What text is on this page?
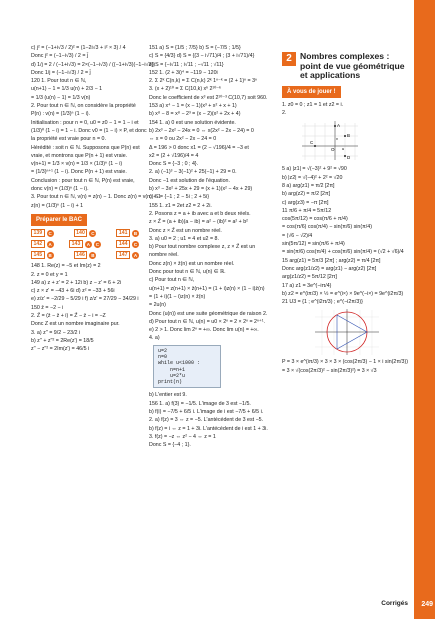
c) j² = (−1+i√3 / 2)² = (1−2i√3 + i² × 3) / 4
Donc j² = (−1−i√3) / 2 = j̄
d) 1/j = 2 / (−1+i√3) = 2×(−1−i√3) / ((−1+i√3)(−1−i√3))
Donc 1/j = (−1−i√3) / 2 = j̄
120 1. Pour tout n ∈ ℕ,
u(n+1) − 1 = 1/3 u(n) + 2/3 − 1
= 1/3 (u(n) − 1) = 1/3 v(n)
2. Pour tout n ∈ ℕ, on considère la propriété
P(n) : v(n) = (1/3)ⁿ (1 − i).
Initialisation : pour n = 0, u0 = z0 − 1 = 1 − i et
(1/3)⁰ (1 − i) = 1 − i. Donc v0 = (1 − i) × P, et donc
la propriété est vraie pour n = 0.
Hérédité : soit n ∈ ℕ. Supposons que P(n) est
vraie, et montrons que P(n + 1) est vraie.
v(n+1) = 1/3 × v(n) = 1/3 × (1/3)ⁿ (1 − i)
= (1/3)ⁿ⁺¹ (1 − i). Donc P(n + 1) est vraie.
Conclusion : pour tout n ∈ ℕ, P(n) est vraie,
donc v(n) = (1/3)ⁿ (1 − i).
3. Pour tout n ∈ ℕ, v(n) = z(n) − 1. Donc z(n) = v(n) + 1
z(n) = (1/3)ⁿ (1 − i) + 1
Préparer le BAC
139	C	140	C	141	B
142	A	143	A	C	144	C
145	B	146	B	147	A
148 1. Re(z) = −5 et Im(z) = 2
2. z = 0 et y = 1
149 a) z + z' = 2 + 12i b) z − z' = 6 + 2i
c) z × z' = −43 + 6i d) z² = −33 + 56i
e) z/z' = −2/29 − 5/29 i f) z/z' = 27/29 − 34/29 i
150 z̄ = −2 − i
2. Z̄ = (z̄ − z̄ + i) = Z̄ − z̄ − i = −Z
Donc Z est un nombre imaginaire pur.
3. a) z'' = 9/2 − 23/2 i
b) z'' + z''² = 2Re(z') = 18/5
z'' − z''² = 2Im(z') = 46/5 i
151 a) S = {1/5 ; 7/5} b) S = {−7/5 ; 1/5}
c) S = {4/3} d) S = {(3 − i√71)/4 ; (3 + i√71)/4}
e) S = {−i√11 ; i√11 ; −√11 ; √11}
152 1. (2 + 3i)⁴ = −119 − 120i
2. Σ 2ᵏ C(n,k) = Σ C(n,k) 2ᵏ 1ⁿ⁻ᵏ = (2 + 1)ⁿ = 3ⁿ
3. (x + 2)¹⁰ = Σ C(10,k) xᵏ 2¹⁰⁻ᵏ
Donc le coefficient de x³ est 2¹⁰⁻³ C(10,7) soit 960.
153 a) x⁴ − 1 = (x − 1)(x³ + x² + x + 1)
b) x⁸ − 8 = x⁸ − 2³ = (x − 2)(x² + 2x + 4)
154 1. a) 0 est une solution évidente.
b) 2x³ − 2x² − 24x = 0 ⇔ x(2x² − 2x − 24) = 0
⇔ x = 0 ou 2x² − 2x − 24 = 0
Δ = 196 > 0 donc x1 = (2 − √196)/4 = −3 et
x2 = (2 + √196)/4 = 4
Donc S = {−3 ; 0 ; 4}.
2. a) (−1)³ − 3(−1)² + 25(−1) + 29 = 0.
Donc −1 est solution de l'équation.
b) x³ − 3x² + 25x + 29 = (x + 1)(x² − 4x + 29)
c) S = {−1 ; 2 − 5i ; 2 + 5i}
155 1. z1 = 2et z2 = 2 + 2i.
2. Posons z = a + ib avec a et b deux réels.
z × Z̄ = (a + ib)(a − ib) = a² − (ib)² = a² + b²
Donc z × Z̄ est un nombre réel.
3. a) u0 = 2 ; u1 = 4 et u2 = 8.
b) Pour tout nombre complexe z, z × Z̄ est un
nombre réel.
Donc z(n) × z̄(n) est un nombre réel.
Donc pour tout n ∈ ℕ, u(n) ∈ ℝ.
c) Pour tout n ∈ ℕ,
u(n+1) = z(n+1) × z̄(n+1) = (1 + i)z(n) × (1 − i)z̄(n)
= (1 + i)(1 − i)z(n) × z̄(n)
= 2u(n)
Donc (u(n)) est une suite géométrique de raison 2.
d) Pour tout n ∈ ℕ, u(n) = u0 × 2ⁿ = 2 × 2ⁿ = 2ⁿ⁺¹.
e) 2 > 1. Donc lim 2ⁿ = +∞. Donc lim u(n) = +∞.
4. a)
u=2
n=0
while u<1000 :
n=n+1
u=2*u
print(n)
b) L'entier est 9.
156 1. a) f(3) = −1/5. L'image de 3 est −1/5.
b) f(i) = −7/5 + 6/5 i. L'image de i est −7/5 + 6/5 i.
2. a) f(z) = 3 ⇔ z = −5. L'antécédent de 3 est −5.
b) f(z) = i ⇔ z = 1 + 3i. L'antécédent de i est 1 + 3i.
3. f(z) = −z ⇔ z² − 4 ⇔ z = 1
Donc S = {−4 ; 1}.
2 Nombres complexes : point de vue géométrique et applications
À vous de jouer !
1. z0 = 0 ; z1 = 1 et z2 = i.
2.
A
B
C
D
O u
v
5 a) |z1| = √(−3)² + 9² = √90
b) |z2| = √(−4)² + 2² = √20
8 a) arg(z1) = π/2 [2π]
b) arg(z2) = π/2 [2π]
c) arg(z3) = −π [2π]
11 π/6 + π/4 = 5π/12
cos(5π/12) = cos(π/6 + π/4)
= cos(π/6) cos(π/4) − sin(π/6) sin(π/4)
= (√6 − √2)/4
sin(5π/12) = sin(π/6 + π/4)
= sin(π/6) cos(π/4) + cos(π/6) sin(π/4) = (√2 + √6)/4
15 arg(z1) = 5π/3 [2π] ; arg(z2) = π/4 [2π]
Donc arg(z1/z2) = arg(z1) − arg(z2) [2π]
arg(z1/z2) = 5π/12 [2π]
17 a) z1 = 3e^(−iπ/4)
b) z2 = e^(iπ/3) × ½ = e^(i×) × 9e^(−i×) = 9e^(i2π/3)
21 U3 = {1 ; e^(i2π/3) ; e^(−i2π/3)}
P = 3 × e^(iπ/3) × 3 × 3 × (cos(2π/3) − 1 × i sin(2π/3))
= 3 × √(cos(2π/3)² − sin(2π/3)²) = 3 × √3
Corrigés 249
